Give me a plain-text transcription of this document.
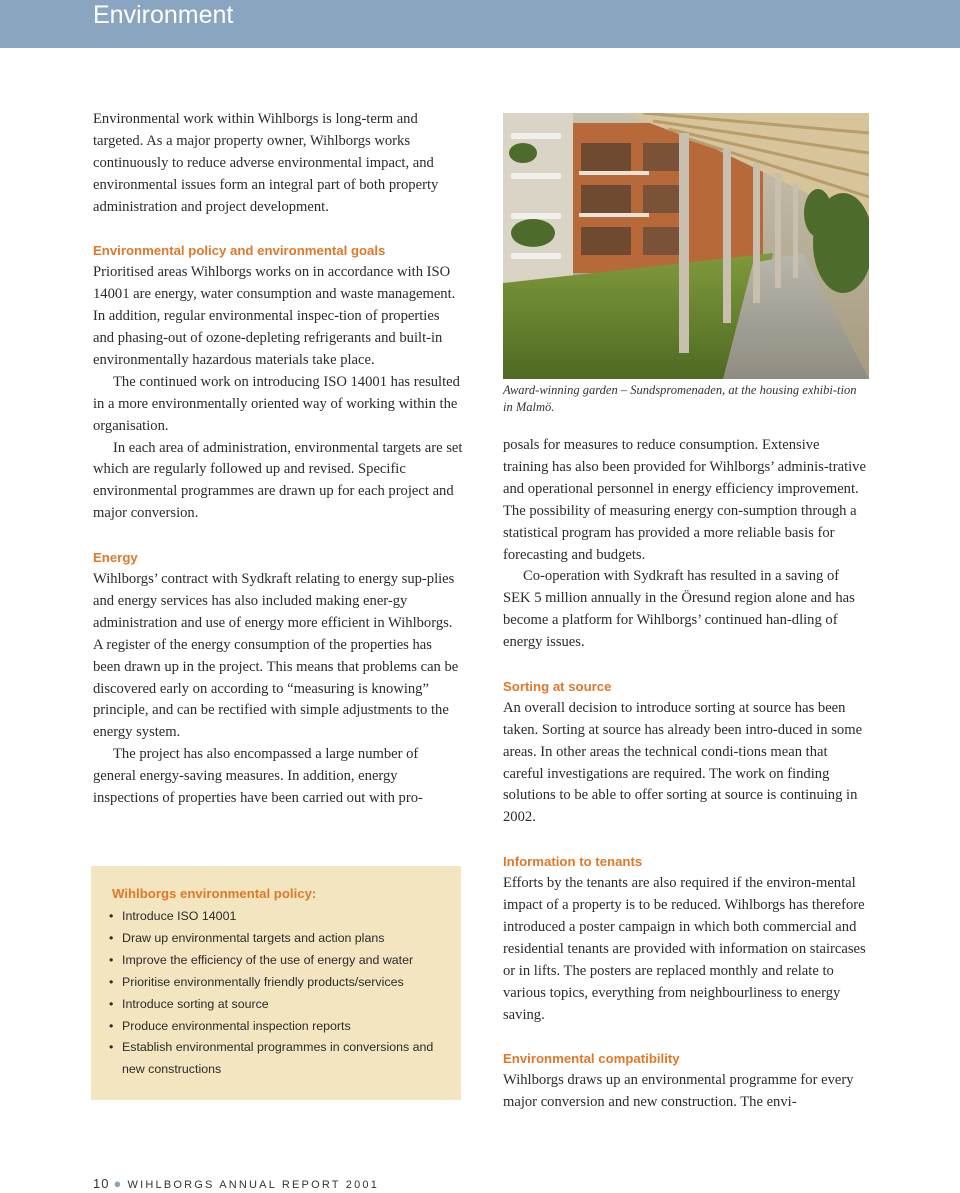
Environment

Environmental work within Wihlborgs is long-term and targeted. As a major property owner, Wihlborgs works continuously to reduce adverse environmental impact, and environmental issues form an integral part of both property administration and project development.

Environmental policy and environmental goals

Prioritised areas Wihlborgs works on in accordance with ISO 14001 are energy, water consumption and waste management. In addition, regular environmental inspec-tion of properties and phasing-out of ozone-depleting refrigerants and built-in environmentally hazardous materials take place.

The continued work on introducing ISO 14001 has resulted in a more environmentally oriented way of working within the organisation.

In each area of administration, environmental targets are set which are regularly followed up and revised. Specific environmental programmes are drawn up for each project and major conversion.

Energy

Wihlborgs’ contract with Sydkraft relating to energy sup-plies and energy services has also included making ener-gy administration and use of energy more efficient in Wihlborgs. A register of the energy consumption of the properties has been drawn up in the project. This means that problems can be discovered early on according to “measuring is knowing” principle, and can be rectified with simple adjustments to the energy system.

The project has also encompassed a large number of general energy-saving measures. In addition, energy inspections of properties have been carried out with pro-

Award-winning garden – Sundspromenaden, at the housing exhibi-tion in Malmö.

posals for measures to reduce consumption. Extensive training has also been provided for Wihlborgs’ adminis-trative and operational personnel in energy efficiency improvement. The possibility of measuring energy con-sumption through a statistical program has provided a more reliable basis for forecasting and budgets.

Co-operation with Sydkraft has resulted in a saving of SEK 5 million annually in the Öresund region alone and has become a platform for Wihlborgs’ continued han-dling of energy issues.

Sorting at source

An overall decision to introduce sorting at source has been taken. Sorting at source has already been intro-duced in some areas. In other areas the technical condi-tions mean that careful investigations are required. The work on finding solutions to be able to offer sorting at source is continuing in 2002.

Information to tenants

Efforts by the tenants are also required if the environ-mental impact of a property is to be reduced. Wihlborgs has therefore introduced a poster campaign in which both commercial and residential tenants are provided with information on staircases or in lifts. The posters are replaced monthly and relate to various topics, everything from neighbourliness to energy saving.

Environmental compatibility

Wihlborgs draws up an environmental programme for every major conversion and new construction. The envi-

Wihlborgs environmental policy:
• Introduce ISO 14001
• Draw up environmental targets and action plans
• Improve the efficiency of the use of energy and water
• Prioritise environmentally friendly products/services
• Introduce sorting at source
• Produce environmental inspection reports
• Establish environmental programmes in conversions and new constructions
10 ● WIHLBORGS ANNUAL REPORT 2001
